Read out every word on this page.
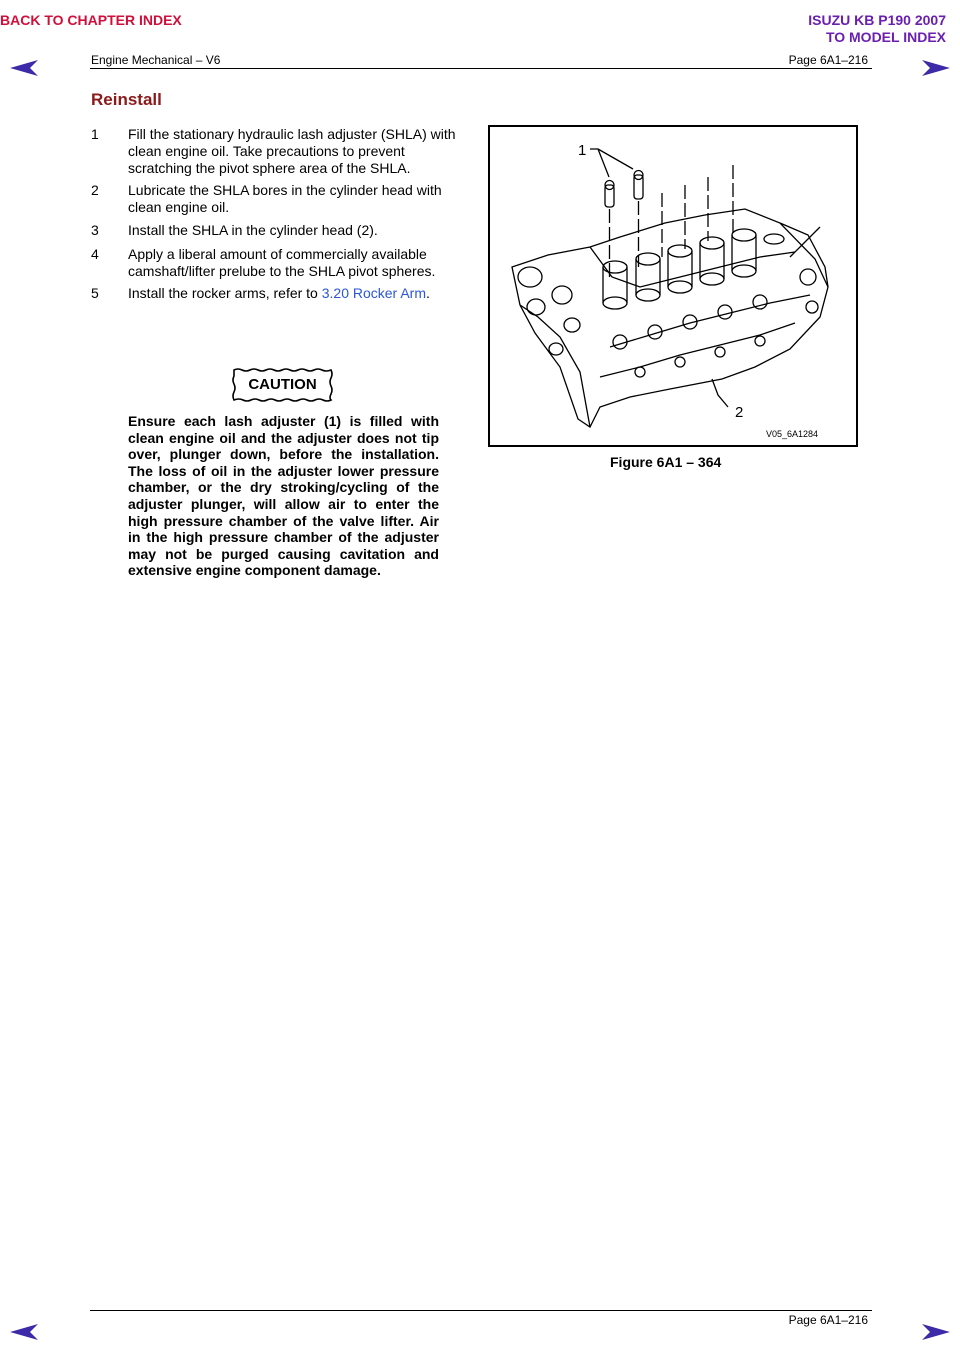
BACK TO CHAPTER INDEX	ISUZU KB P190 2007
TO MODEL INDEX
Engine Mechanical – V6	Page 6A1–216
Reinstall
1	Fill the stationary hydraulic lash adjuster (SHLA) with clean engine oil. Take precautions to prevent scratching the pivot sphere area of the SHLA.
2	Lubricate the SHLA bores in the cylinder head with clean engine oil.
3	Install the SHLA in the cylinder head (2).
4	Apply a liberal amount of commercially available camshaft/lifter prelube to the SHLA pivot spheres.
5	Install the rocker arms, refer to 3.20 Rocker Arm.
CAUTION
Ensure each lash adjuster (1) is filled with clean engine oil and the adjuster does not tip over, plunger down, before the installation. The loss of oil in the adjuster lower pressure chamber, or the dry stroking/cycling of the adjuster plunger, will allow air to enter the high pressure chamber of the valve lifter. Air in the high pressure chamber of the adjuster may not be purged causing cavitation and extensive engine component damage.
1
2
V05_6A1284
Figure 6A1 – 364
Page 6A1–216
